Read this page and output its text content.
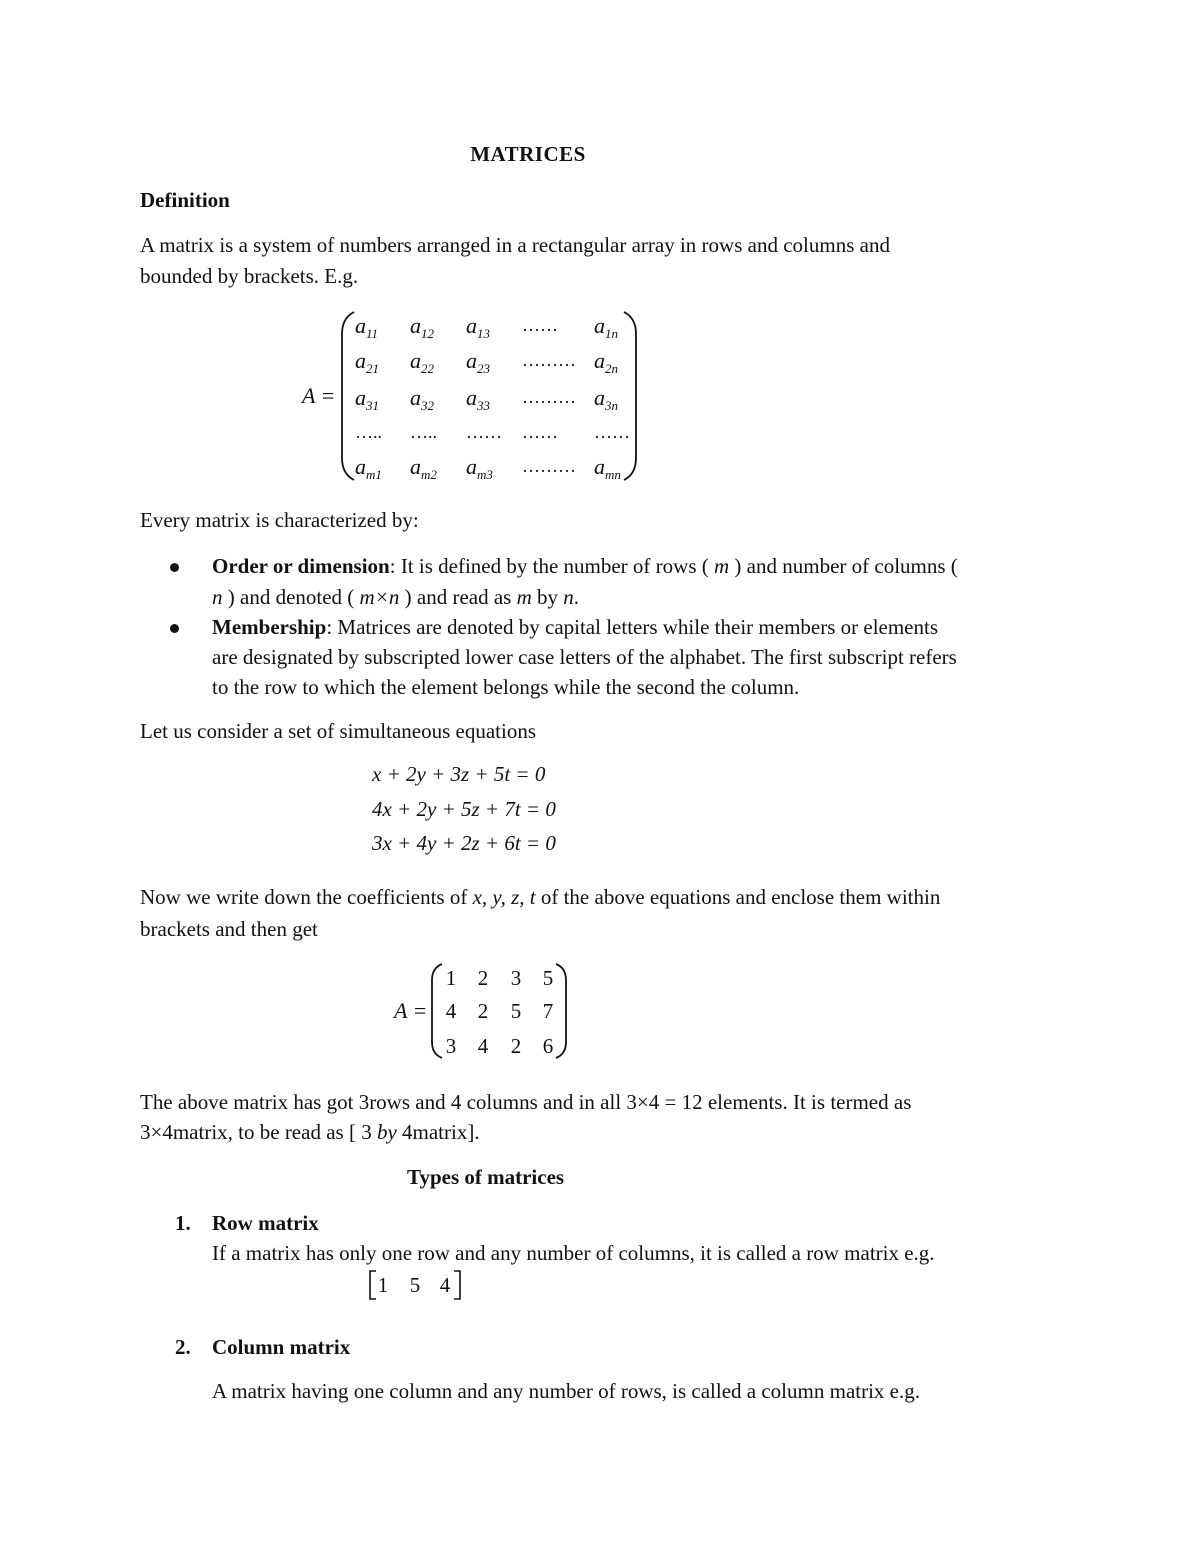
MATRICES
Definition
A matrix is a system of numbers arranged in a rectangular array in rows and columns and
bounded by brackets. E.g.
A =
$a_{11}$ $a_{12}$ $a_{13}$ …… $a_{1n}$
$a_{21}$ $a_{22}$ $a_{23}$ ……… $a_{2n}$
$a_{31}$ $a_{32}$ $a_{33}$ ……… $a_{3n}$
….. ….. …… …… ……
$a_{m1}$ $a_{m2}$ $a_{m3}$ ……… $a_{mn}$
Every matrix is characterized by:
Order or dimension: It is defined by the number of rows ( m ) and number of columns (
n ) and denoted ( m×n ) and read as m by n.
Membership: Matrices are denoted by capital letters while their members or elements
are designated by subscripted lower case letters of the alphabet. The first subscript refers
to the row to which the element belongs while the second the column.
Let us consider a set of simultaneous equations
x + 2y + 3z + 5t = 0
4x + 2y + 5z + 7t = 0
3x + 4y + 2z + 6t = 0
Now we write down the coefficients of x, y, z, t of the above equations and enclose them within
brackets and then get
A =
1	2	3	5
4	2	5	7
3	4	2	6
The above matrix has got 3rows and 4 columns and in all 3×4 = 12 elements. It is termed as
3×4matrix, to be read as [ 3 by 4matrix].
Types of matrices
1. Row matrix
If a matrix has only one row and any number of columns, it is called a row matrix e.g.
1	5 4
2. Column matrix
A matrix having one column and any number of rows, is called a column matrix e.g.
